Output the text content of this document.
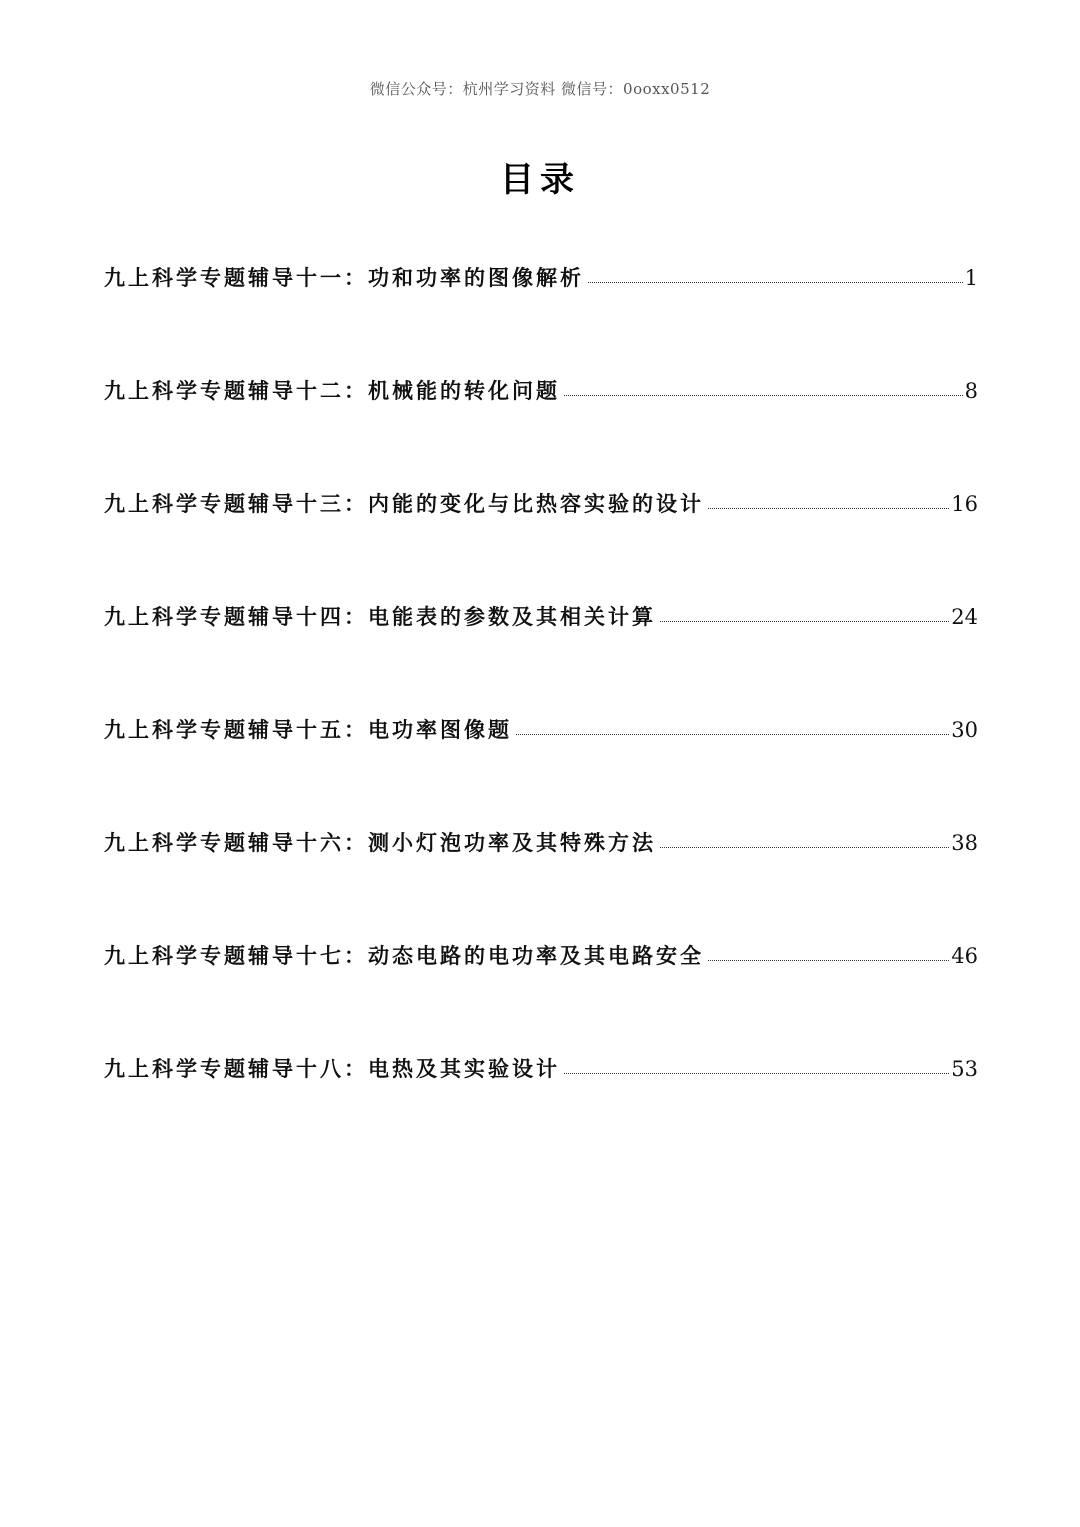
微信公众号：杭州学习资料 微信号：0ooxx0512
目录
九上科学专题辅导十一：功和功率的图像解析	1
九上科学专题辅导十二：机械能的转化问题	8
九上科学专题辅导十三：内能的变化与比热容实验的设计	16
九上科学专题辅导十四：电能表的参数及其相关计算	24
九上科学专题辅导十五：电功率图像题	30
九上科学专题辅导十六：测小灯泡功率及其特殊方法	38
九上科学专题辅导十七：动态电路的电功率及其电路安全	46
九上科学专题辅导十八：电热及其实验设计	53
